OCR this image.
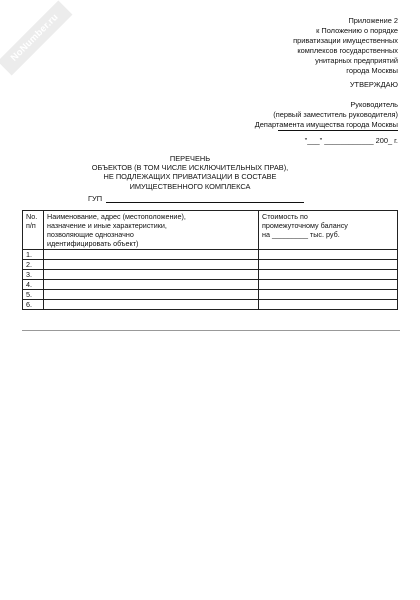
NoNumber.ru	Приложение 2
к Положению о порядке
приватизации имущественных
комплексов государственных
унитарных предприятий
города Москвы
УТВЕРЖДАЮ
Руководитель
(первый заместитель руководителя)
Департамента имущества города Москвы
"___" ____________ 200_ г.
ПЕРЕЧЕНЬ
ОБЪЕКТОВ (В ТОМ ЧИСЛЕ ИСКЛЮЧИТЕЛЬНЫХ ПРАВ),
НЕ ПОДЛЕЖАЩИХ ПРИВАТИЗАЦИИ В СОСТАВЕ
ИМУЩЕСТВЕННОГО КОМПЛЕКСА
ГУП
No.
п/п	Наименование, адрес (местоположение),
назначение и иные характеристики,
позволяющие однозначно
идентифицировать объект)	Стоимость по
промежуточному балансу
на _________ тыс. руб.
1.		
2.		
3.		
4.		
5.		
6.		
